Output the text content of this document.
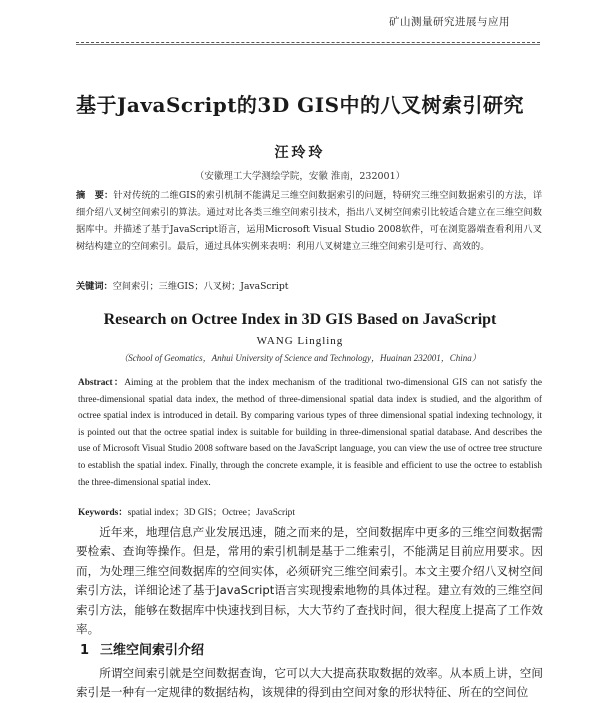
矿山测量研究进展与应用
基于JavaScript的3D GIS中的八叉树索引研究
汪玲玲
（安徽理工大学测绘学院，安徽 淮南，232001）
摘　要：针对传统的二维GIS的索引机制不能满足三维空间数据索引的问题，特研究三维空间数据索引的方法，详细介绍八叉树空间索引的算法。通过对比各类三维空间索引技术，指出八叉树空间索引比较适合建立在三维空间数据库中。并描述了基于JavaScript语言，运用Microsoft Visual Studio 2008软件，可在浏览器端查看利用八叉树结构建立的空间索引。最后，通过具体实例来表明：利用八叉树建立三维空间索引是可行、高效的。
关键词：空间索引；三维GIS；八叉树；JavaScript
Research on Octree Index in 3D GIS Based on JavaScript
WANG Lingling
（School of Geomatics，Anhui University of Science and Technology，Huainan 232001，China）
Abstract：Aiming at the problem that the index mechanism of the traditional two-dimensional GIS can not satisfy the three-dimensional spatial data index, the method of three-dimensional spatial data index is studied, and the algorithm of octree spatial index is introduced in detail. By comparing various types of three dimensional spatial indexing technology, it is pointed out that the octree spatial index is suitable for building in three-dimensional spatial database. And describes the use of Microsoft Visual Studio 2008 software based on the JavaScript language, you can view the use of octree tree structure to establish the spatial index. Finally, through the concrete example, it is feasible and efficient to use the octree to establish the three-dimensional spatial index.
Keywords：spatial index；3D GIS；Octree；JavaScript
近年来，地理信息产业发展迅速，随之而来的是，空间数据库中更多的三维空间数据需要检索、查询等操作。但是，常用的索引机制是基于二维索引，不能满足目前应用要求。因而，为处理三维空间数据库的空间实体，必须研究三维空间索引。本文主要介绍八叉树空间索引方法，详细论述了基于JavaScript语言实现搜索地物的具体过程。建立有效的三维空间索引方法，能够在数据库中快速找到目标，大大节约了查找时间，很大程度上提高了工作效率。
1 三维空间索引介绍
所谓空间索引就是空间数据查询，它可以大大提高获取数据的效率。从本质上讲，空间索引是一种有一定规律的数据结构，该规律的得到由空间对象的形状特征、所在的空间位
